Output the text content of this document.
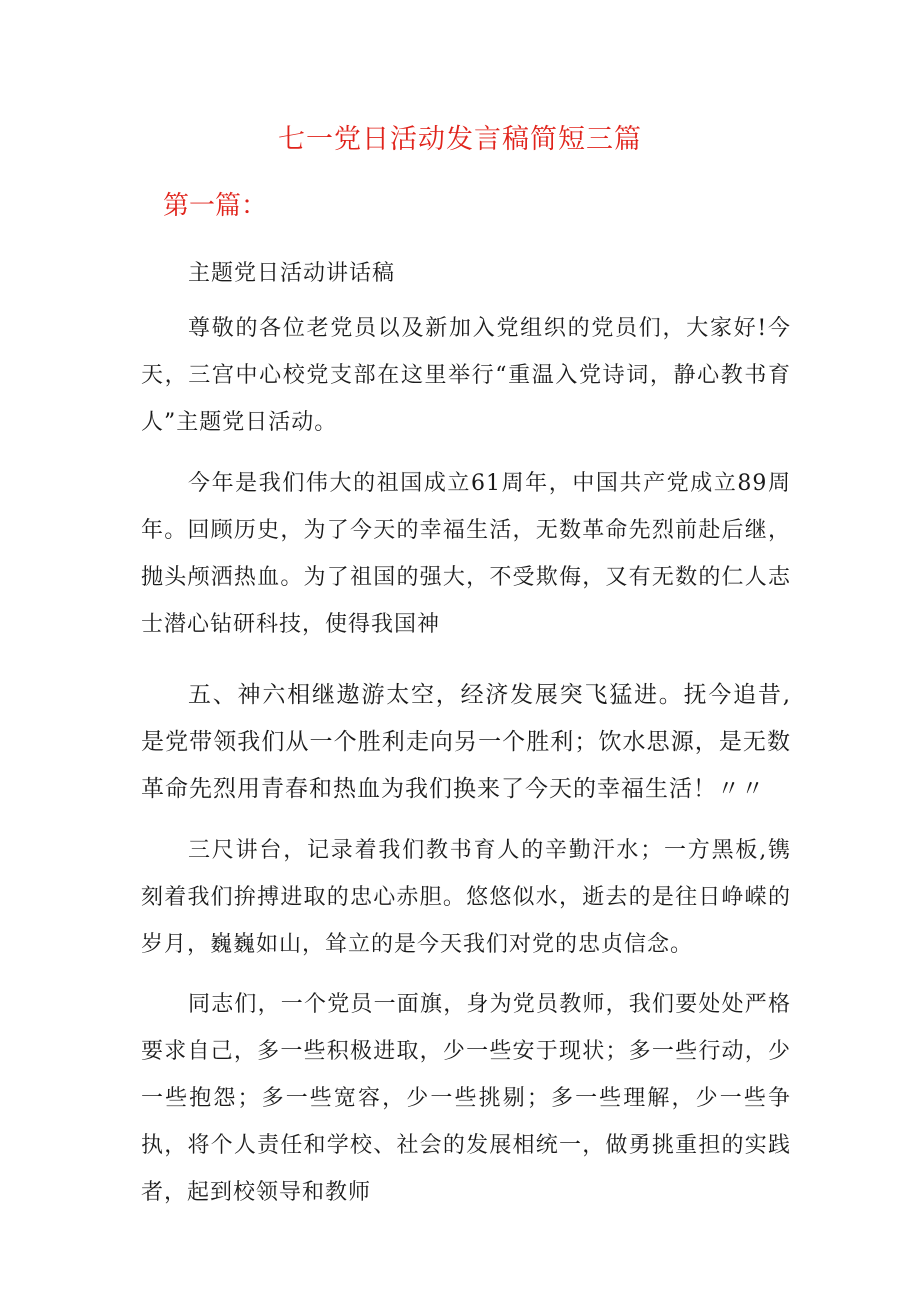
七一党日活动发言稿简短三篇
第一篇：

主题党日活动讲话稿

尊敬的各位老党员以及新加入党组织的党员们，大家好!今天，三宫中心校党支部在这里举行“重温入党诗词，静心教书育人”主题党日活动。

今年是我们伟大的祖国成立61周年，中国共产党成立89周年。回顾历史，为了今天的幸福生活，无数革命先烈前赴后继，抛头颅洒热血。为了祖国的强大，不受欺侮，又有无数的仁人志士潜心钻研科技，使得我国神

五、神六相继遨游太空，经济发展突飞猛进。抚今追昔,是党带领我们从一个胜利走向另一个胜利；饮水思源，是无数革命先烈用青春和热血为我们换来了今天的幸福生活！〃〃

三尺讲台，记录着我们教书育人的辛勤汗水；一方黑板,镌刻着我们拚搏进取的忠心赤胆。悠悠似水，逝去的是往日峥嵘的岁月，巍巍如山，耸立的是今天我们对党的忠贞信念。

同志们，一个党员一面旗，身为党员教师，我们要处处严格要求自己，多一些积极进取，少一些安于现状；多一些行动，少一些抱怨；多一些宽容，少一些挑剔；多一些理解，少一些争执，将个人责任和学校、社会的发展相统一，做勇挑重担的实践者，起到校领导和教师
